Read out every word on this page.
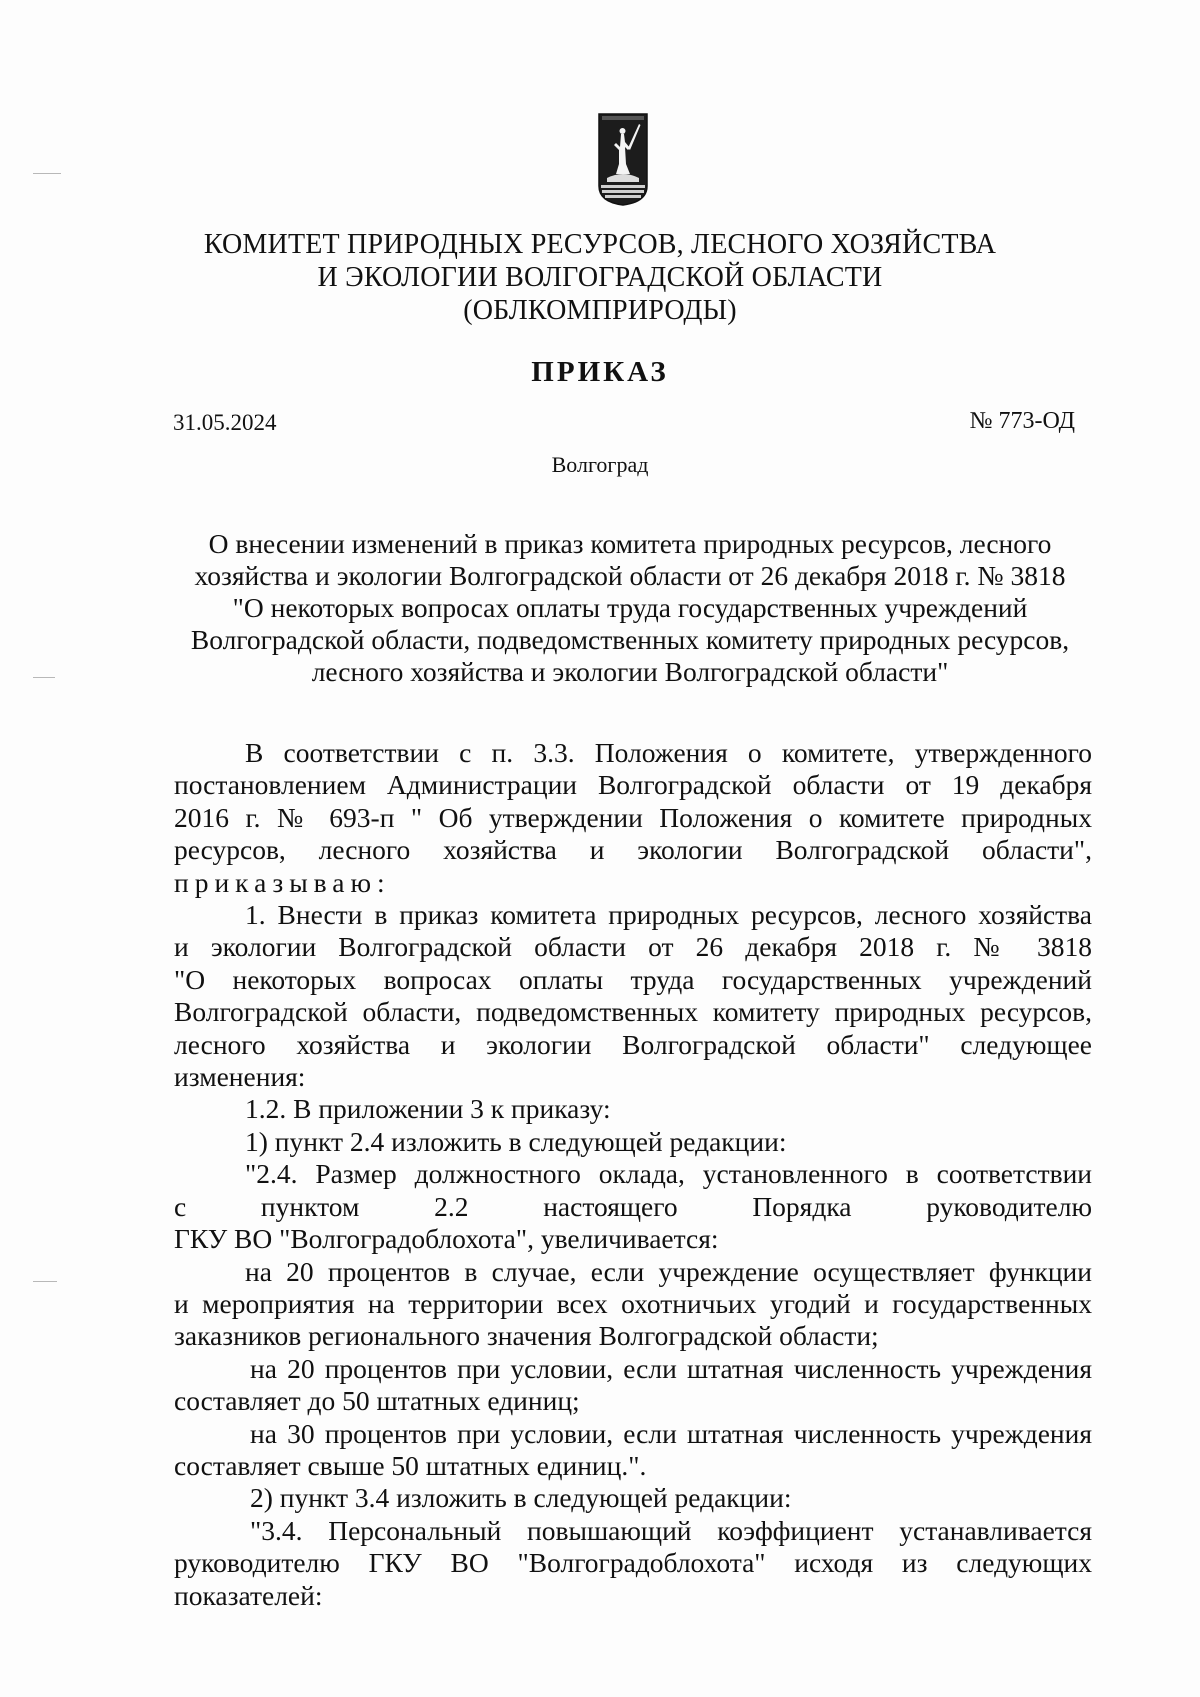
КОМИТЕТ ПРИРОДНЫХ РЕСУРСОВ, ЛЕСНОГО ХОЗЯЙСТВА
И ЭКОЛОГИИ ВОЛГОГРАДСКОЙ ОБЛАСТИ
(ОБЛКОМПРИРОДЫ)
ПРИКАЗ
31.05.2024	№ 773-ОД
Волгоград
О внесении изменений в приказ комитета природных ресурсов, лесного
хозяйства и экологии Волгоградской области от 26 декабря 2018 г. № 3818
"О некоторых вопросах оплаты труда государственных учреждений
Волгоградской области, подведомственных комитету природных ресурсов,
лесного хозяйства и экологии Волгоградской области"

В соответствии с п. 3.3. Положения о комитете, утвержденного

постановлением Администрации Волгоградской области от 19 декабря

2016 г. № 693-п " Об утверждении Положения о комитете природных

ресурсов, лесного хозяйства и экологии Волгоградской области",

приказываю:

1. Внести в приказ комитета природных ресурсов, лесного хозяйства

и экологии Волгоградской области от 26 декабря 2018 г. № 3818

"О некоторых вопросах оплаты труда государственных учреждений

Волгоградской области, подведомственных комитету природных ресурсов,

лесного хозяйства и экологии Волгоградской области" следующее

изменения:

1.2. В приложении 3 к приказу:

1) пункт 2.4 изложить в следующей редакции:

"2.4. Размер должностного оклада, установленного в соответствии

с пунктом 2.2 настоящего Порядка руководителю

ГКУ ВО "Волгоградоблохота", увеличивается:

на 20 процентов в случае, если учреждение осуществляет функции

и мероприятия на территории всех охотничьих угодий и государственных

заказников регионального значения Волгоградской области;

на 20 процентов при условии, если штатная численность учреждения

составляет до 50 штатных единиц;

на 30 процентов при условии, если штатная численность учреждения

составляет свыше 50 штатных единиц.".

2) пункт 3.4 изложить в следующей редакции:

"3.4. Персональный повышающий коэффициент устанавливается

руководителю ГКУ ВО "Волгоградоблохота" исходя из следующих

показателей:
